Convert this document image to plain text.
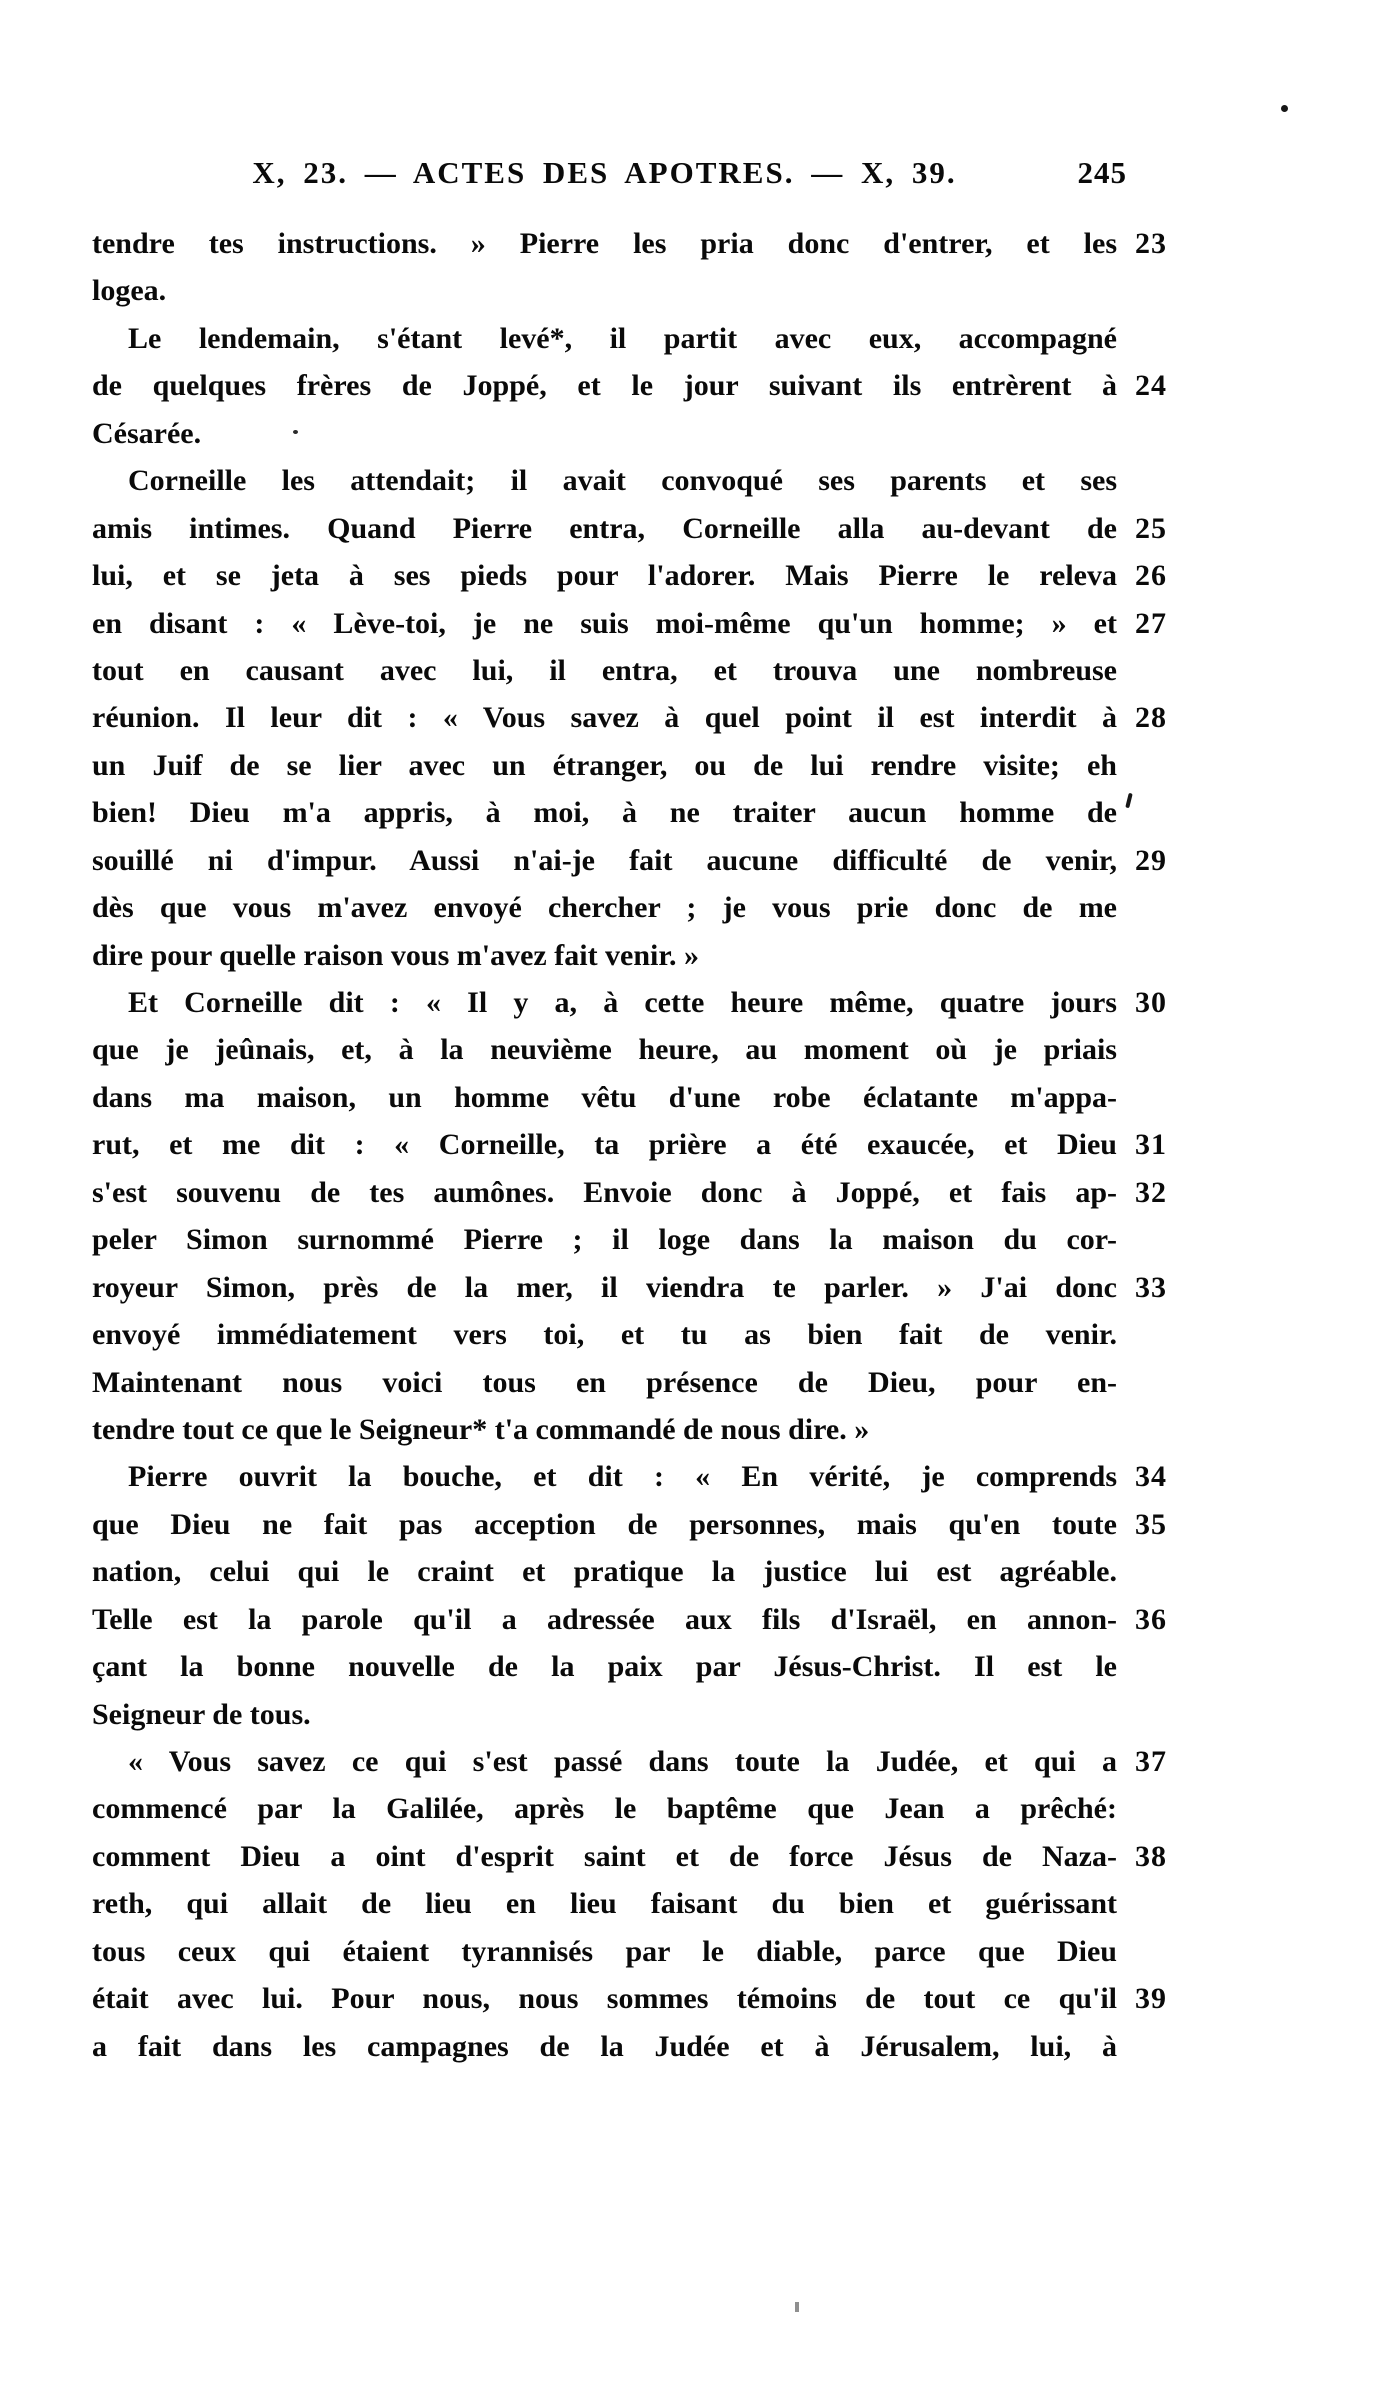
X, 23. — ACTES DES APOTRES. — X, 39.	245
tendre tes instructions. » Pierre les pria donc d'entrer, et les 23
logea.
Le lendemain, s'étant levé*, il partit avec eux, accompagné
de quelques frères de Joppé, et le jour suivant ils entrèrent à 24
Césarée.
Corneille les attendait; il avait convoqué ses parents et ses
amis intimes. Quand Pierre entra, Corneille alla au-devant de 25
lui, et se jeta à ses pieds pour l'adorer. Mais Pierre le releva 26
en disant : « Lève-toi, je ne suis moi-même qu'un homme; » et 27
tout en causant avec lui, il entra, et trouva une nombreuse
réunion. Il leur dit : « Vous savez à quel point il est interdit à 28
un Juif de se lier avec un étranger, ou de lui rendre visite; eh
bien! Dieu m'a appris, à moi, à ne traiter aucun homme de
souillé ni d'impur. Aussi n'ai-je fait aucune difficulté de venir, 29
dès que vous m'avez envoyé chercher ; je vous prie donc de me
dire pour quelle raison vous m'avez fait venir. »
Et Corneille dit : « Il y a, à cette heure même, quatre jours 30
que je jeûnais, et, à la neuvième heure, au moment où je priais
dans ma maison, un homme vêtu d'une robe éclatante m'appa-
rut, et me dit : « Corneille, ta prière a été exaucée, et Dieu 31
s'est souvenu de tes aumônes. Envoie donc à Joppé, et fais ap- 32
peler Simon surnommé Pierre ; il loge dans la maison du cor-
royeur Simon, près de la mer, il viendra te parler. » J'ai donc 33
envoyé immédiatement vers toi, et tu as bien fait de venir.
Maintenant nous voici tous en présence de Dieu, pour en-
tendre tout ce que le Seigneur* t'a commandé de nous dire. »
Pierre ouvrit la bouche, et dit : « En vérité, je comprends 34
que Dieu ne fait pas acception de personnes, mais qu'en toute 35
nation, celui qui le craint et pratique la justice lui est agréable.
Telle est la parole qu'il a adressée aux fils d'Israël, en annon- 36
çant la bonne nouvelle de la paix par Jésus-Christ. Il est le
Seigneur de tous.
« Vous savez ce qui s'est passé dans toute la Judée, et qui a 37
commencé par la Galilée, après le baptême que Jean a prêché:
comment Dieu a oint d'esprit saint et de force Jésus de Naza- 38
reth, qui allait de lieu en lieu faisant du bien et guérissant
tous ceux qui étaient tyrannisés par le diable, parce que Dieu
était avec lui. Pour nous, nous sommes témoins de tout ce qu'il 39
a fait dans les campagnes de la Judée et à Jérusalem, lui, à
